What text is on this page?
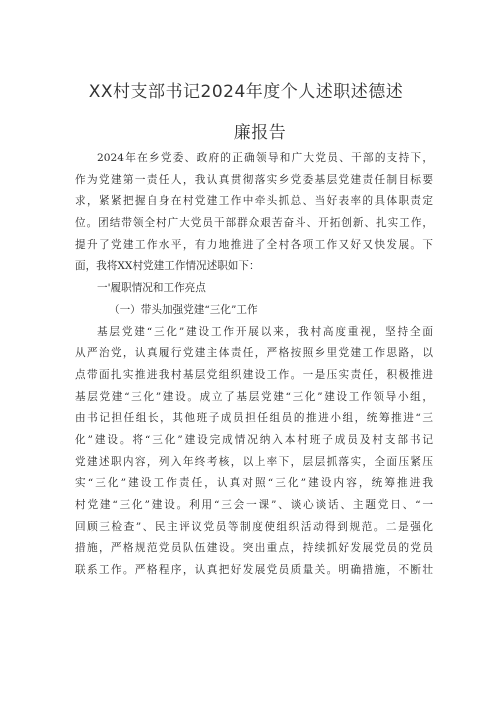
XX村支部书记2024年度个人述职述德述
廉报告
2024年在乡党委、政府的正确领导和广大党员、干部的支持下，
作为党建第一责任人，我认真贯彻落实乡党委基层党建责任制目标要
求，紧紧把握自身在村党建工作中牵头抓总、当好表率的具体职责定
位。团结带领全村广大党员干部群众艰苦奋斗、开拓创新、扎实工作，
提升了党建工作水平，有力地推进了全村各项工作又好又快发展。下
面，我将XX村党建工作情况述职如下：
一'履职情况和工作亮点
（一）带头加强党建“三化”工作
基层党建“三化”建设工作开展以来，我村高度重视，坚持全面
从严治党，认真履行党建主体责任，严格按照乡里党建工作思路，以
点带面扎实推进我村基层党组织建设工作。一是压实责任，积极推进
基层党建“三化”建设。成立了基层党建“三化”建设工作领导小组，
由书记担任组长，其他班子成员担任组员的推进小组，统筹推进“三
化”建设。将“三化”建设完成情况纳入本村班子成员及村支部书记
党建述职内容，列入年终考核，以上率下，层层抓落实，全面压紧压
实“三化”建设工作责任，认真对照“三化”建设内容，统筹推进我
村党建“三化”建设。利用“三会一课”、谈心谈话、主题党日、“一
回顾三检查”、民主评议党员等制度使组织活动得到规范。二是强化
措施，严格规范党员队伍建设。突出重点，持续抓好发展党员的党员
联系工作。严格程序，认真把好发展党员质量关。明确措施，不断壮
